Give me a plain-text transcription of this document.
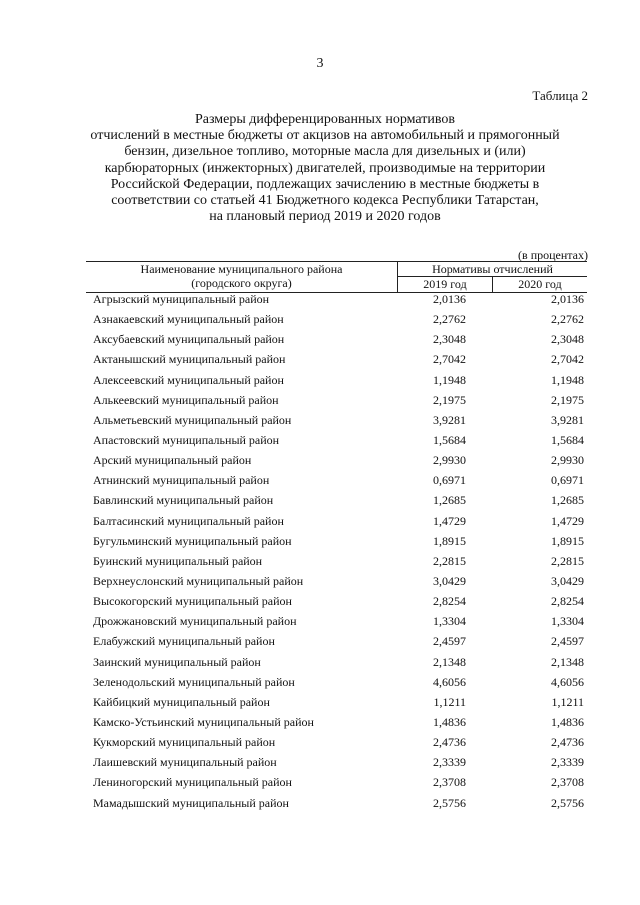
3
Таблица 2
Размеры дифференцированных нормативов
отчислений в местные бюджеты от акцизов на автомобильный и прямогонный
бензин, дизельное топливо, моторные масла для дизельных и (или)
карбюраторных (инжекторных) двигателей, производимые на территории
Российской Федерации, подлежащих зачислению в местные бюджеты в
соответствии со статьей 41 Бюджетного кодекса Республики Татарстан,
на плановый период 2019 и 2020 годов
(в процентах)
Наименование муниципального района
(городского округа)
Нормативы отчислений
2019 год	2020 год
Агрызский муниципальный район	2,0136	2,0136
Азнакаевский муниципальный район	2,2762	2,2762
Аксубаевский муниципальный район	2,3048	2,3048
Актанышский муниципальный район	2,7042	2,7042
Алексеевский муниципальный район	1,1948	1,1948
Алькеевский муниципальный район	2,1975	2,1975
Альметьевский муниципальный район	3,9281	3,9281
Апастовский муниципальный район	1,5684	1,5684
Арский муниципальный район	2,9930	2,9930
Атнинский муниципальный район	0,6971	0,6971
Бавлинский муниципальный район	1,2685	1,2685
Балтасинский муниципальный район	1,4729	1,4729
Бугульминский муниципальный район	1,8915	1,8915
Буинский муниципальный район	2,2815	2,2815
Верхнеуслонский муниципальный район	3,0429	3,0429
Высокогорский муниципальный район	2,8254	2,8254
Дрожжановский муниципальный район	1,3304	1,3304
Елабужский муниципальный район	2,4597	2,4597
Заинский муниципальный район	2,1348	2,1348
Зеленодольский муниципальный район	4,6056	4,6056
Кайбицкий муниципальный район	1,1211	1,1211
Камско-Устьинский муниципальный район	1,4836	1,4836
Кукморский муниципальный район	2,4736	2,4736
Лаишевский муниципальный район	2,3339	2,3339
Лениногорский муниципальный район	2,3708	2,3708
Мамадышский муниципальный район	2,5756	2,5756
